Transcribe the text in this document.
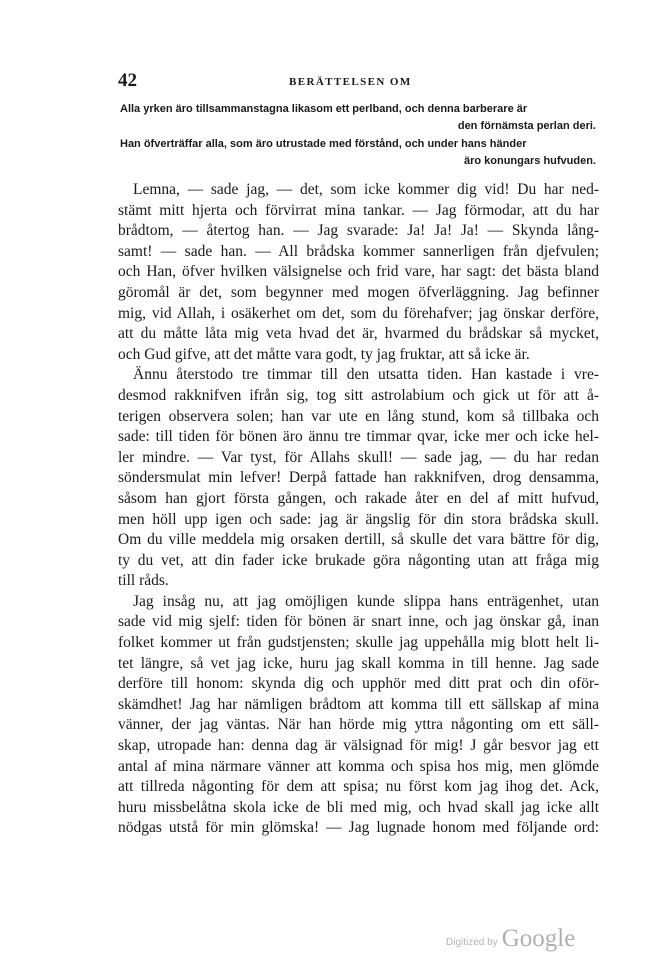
42	BERÄTTELSEN OM
Alla yrken äro tillsammanstagna likasom ett perlband, och denna barberare är
den förnämsta perlan deri.
Han öfverträffar alla, som äro utrustade med förstånd, och under hans händer
äro konungars hufvuden.
Lemna, — sade jag, — det, som icke kommer dig vid! Du har ned-
stämt mitt hjerta och förvirrat mina tankar. — Jag förmodar, att du har
brådtom, — återtog han. — Jag svarade: Ja! Ja! Ja! — Skynda lång-
samt! — sade han. — All brådska kommer sannerligen från djefvulen;
och Han, öfver hvilken välsignelse och frid vare, har sagt: det bästa bland
göromål är det, som begynner med mogen öfverläggning. Jag befinner
mig, vid Allah, i osäkerhet om det, som du förehafver; jag önskar derföre,
att du måtte låta mig veta hvad det är, hvarmed du brådskar så mycket,
och Gud gifve, att det måtte vara godt, ty jag fruktar, att så icke är.
Ännu återstodo tre timmar till den utsatta tiden. Han kastade i vre-
desmod rakknifven ifrån sig, tog sitt astrolabium och gick ut för att å-
terigen observera solen; han var ute en lång stund, kom så tillbaka och
sade: till tiden för bönen äro ännu tre timmar qvar, icke mer och icke hel-
ler mindre. — Var tyst, för Allahs skull! — sade jag, — du har redan
söndersmulat min lefver! Derpå fattade han rakknifven, drog densamma,
såsom han gjort första gången, och rakade åter en del af mitt hufvud,
men höll upp igen och sade: jag är ängslig för din stora brådska skull.
Om du ville meddela mig orsaken dertill, så skulle det vara bättre för dig,
ty du vet, att din fader icke brukade göra någonting utan att fråga mig
till råds.
Jag insåg nu, att jag omöjligen kunde slippa hans enträgenhet, utan
sade vid mig sjelf: tiden för bönen är snart inne, och jag önskar gå, inan
folket kommer ut från gudstjensten; skulle jag uppehålla mig blott helt li-
tet längre, så vet jag icke, huru jag skall komma in till henne. Jag sade
derföre till honom: skynda dig och upphör med ditt prat och din oför-
skämdhet! Jag har nämligen brådtom att komma till ett sällskap af mina
vänner, der jag väntas. När han hörde mig yttra någonting om ett säll-
skap, utropade han: denna dag är välsignad för mig! J går besvor jag ett
antal af mina närmare vänner att komma och spisa hos mig, men glömde
att tillreda någonting för dem att spisa; nu först kom jag ihog det. Ack,
huru missbelåtna skola icke de bli med mig, och hvad skall jag icke allt
nödgas utstå för min glömska! — Jag lugnade honom med följande ord:
Digitized by Google
